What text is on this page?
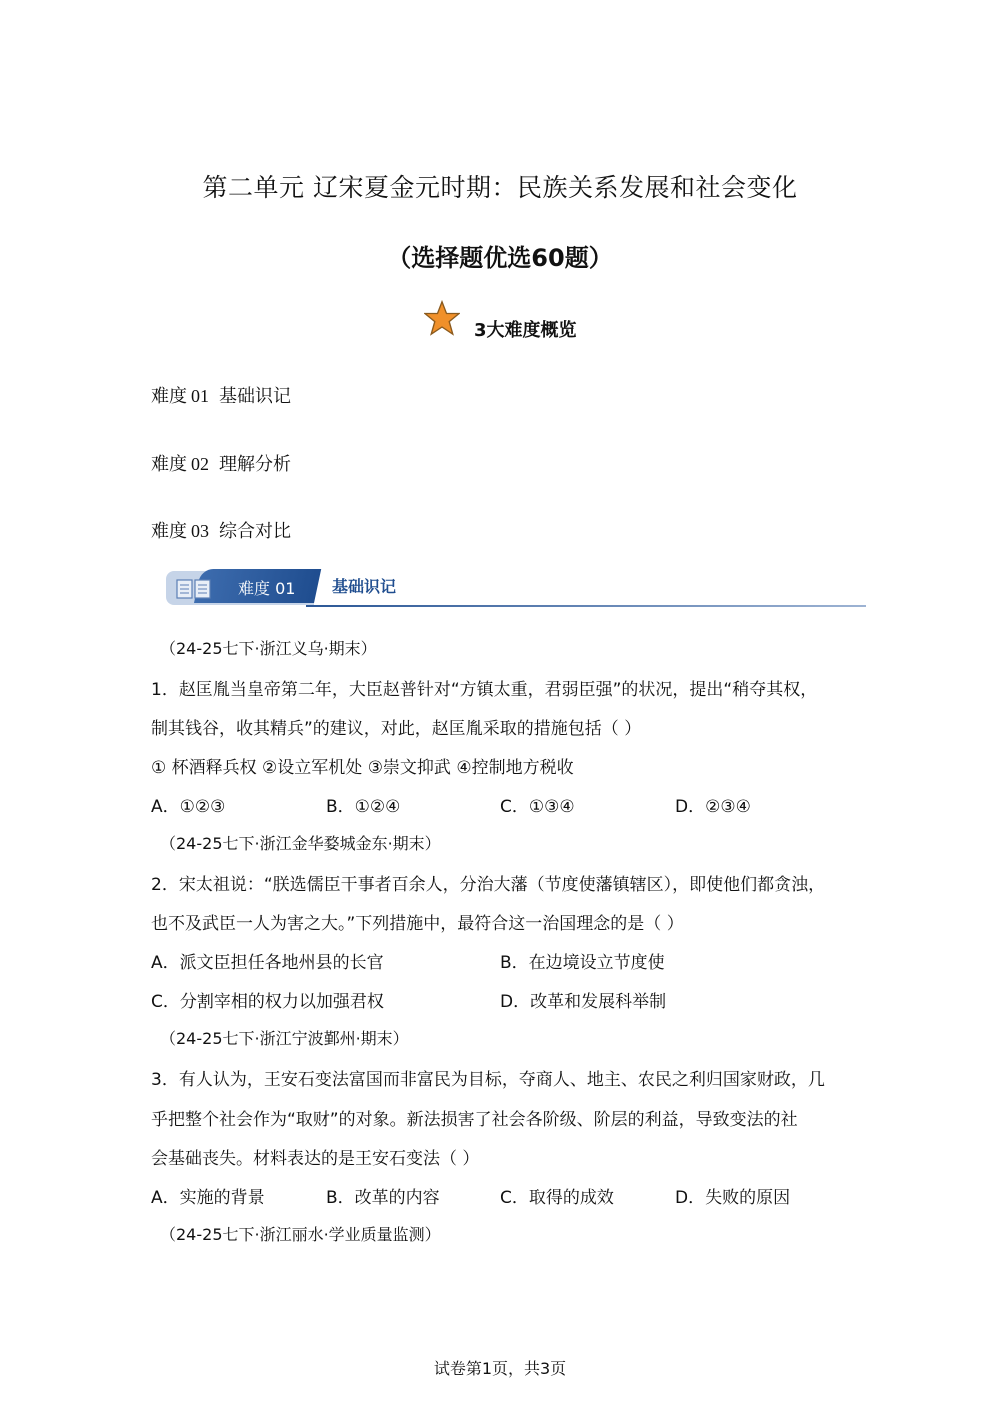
第二单元 辽宋夏金元时期：民族关系发展和社会变化
（选择题优选60题）
3大难度概览
难度 01 基础识记
难度 02 理解分析
难度 03 综合对比
难度 01 基础识记
（24-25七下·浙江义乌·期末）
1．赵匡胤当皇帝第二年，大臣赵普针对“方镇太重，君弱臣强”的状况，提出“稍夺其权，
制其钱谷，收其精兵”的建议，对此，赵匡胤采取的措施包括（ ）
① 杯酒释兵权 ②设立军机处 ③崇文抑武 ④控制地方税收
A．①②③	B．①②④	C．①③④	D．②③④
（24-25七下·浙江金华婺城金东·期末）
2．宋太祖说：“朕选儒臣干事者百余人，分治大藩（节度使藩镇辖区），即使他们都贪浊，
也不及武臣一人为害之大。”下列措施中，最符合这一治国理念的是（ ）
A．派文臣担任各地州县的长官	B．在边境设立节度使
C．分割宰相的权力以加强君权	D．改革和发展科举制
（24-25七下·浙江宁波鄞州·期末）
3．有人认为，王安石变法富国而非富民为目标，夺商人、地主、农民之利归国家财政，几
乎把整个社会作为“取财”的对象。新法损害了社会各阶级、阶层的利益，导致变法的社
会基础丧失。材料表达的是王安石变法（ ）
A．实施的背景	B．改革的内容	C．取得的成效	D．失败的原因
（24-25七下·浙江丽水·学业质量监测）
试卷第1页，共3页
